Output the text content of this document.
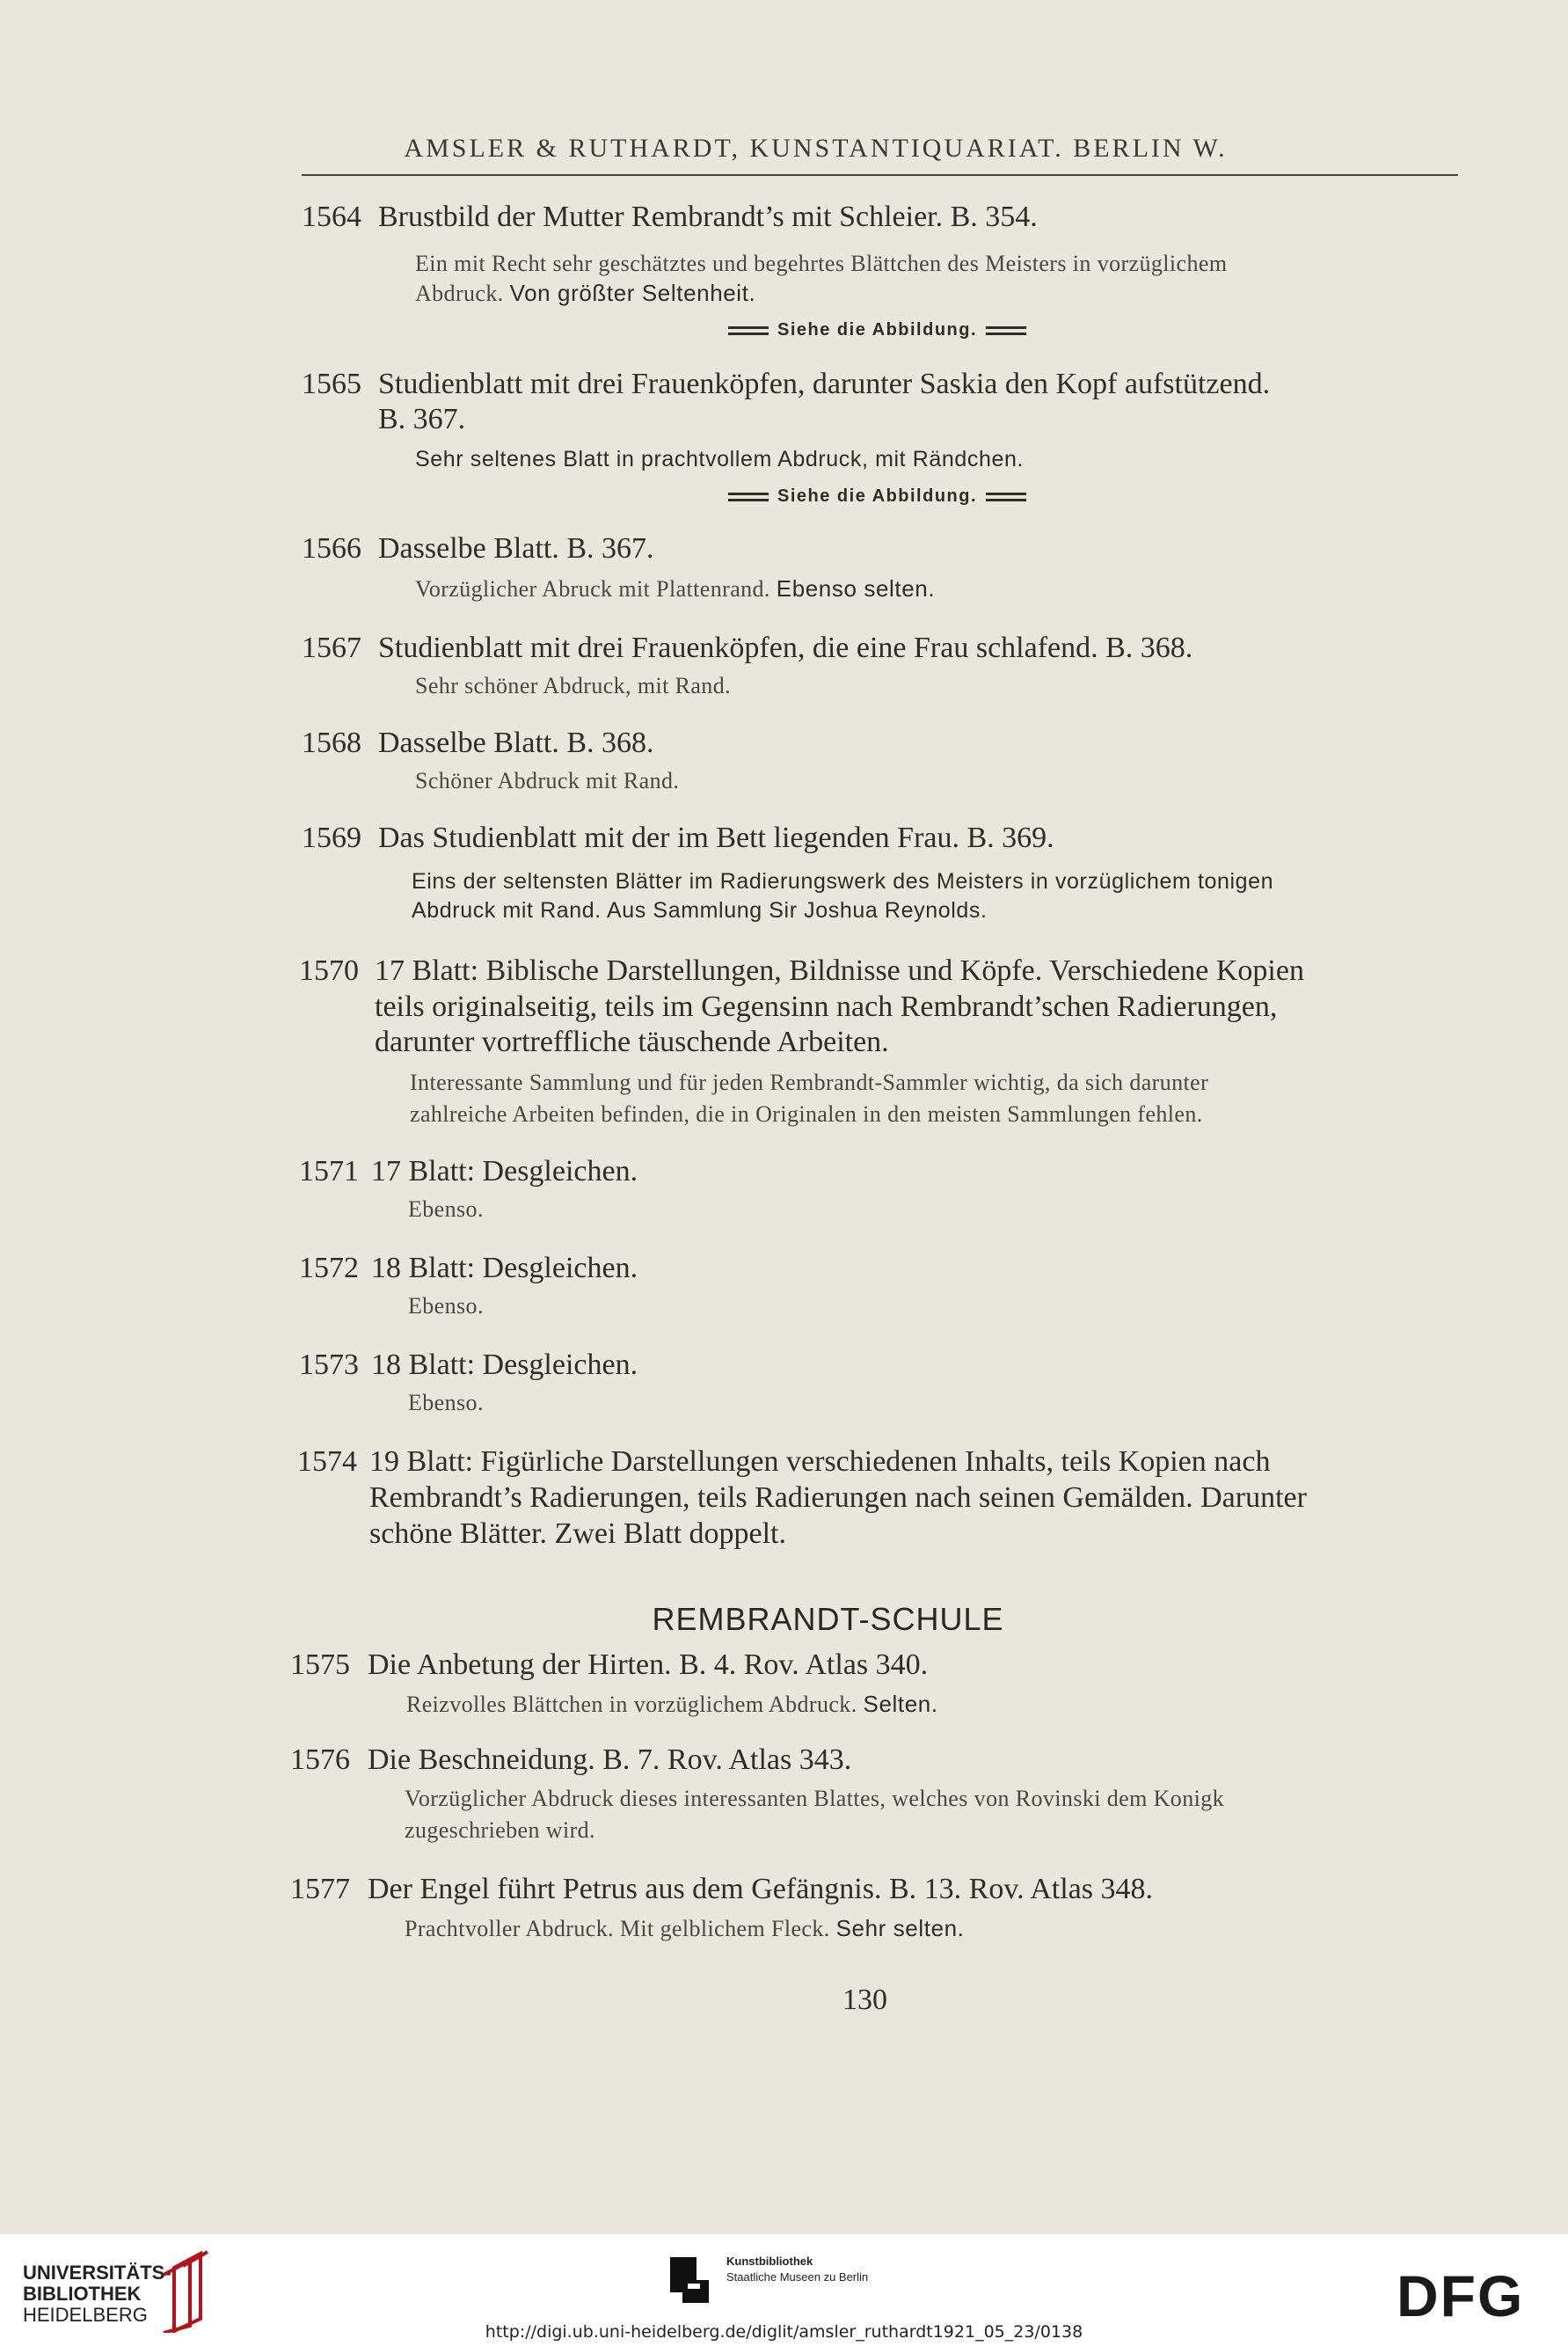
AMSLER & RUTHARDT, KUNSTANTIQUARIAT. BERLIN W.
1564 Brustbild der Mutter Rembrandt’s mit Schleier. B. 354.
Ein mit Recht sehr geschätztes und begehrtes Blättchen des Meisters in vorzüglichem
Abdruck. Von größter Seltenheit.
Siehe die Abbildung.
1565 Studienblatt mit drei Frauenköpfen, darunter Saskia den Kopf aufstützend.
B. 367.
Sehr seltenes Blatt in prachtvollem Abdruck, mit Rändchen.
Siehe die Abbildung.
1566 Dasselbe Blatt. B. 367.
Vorzüglicher Abruck mit Plattenrand. Ebenso selten.
1567 Studienblatt mit drei Frauenköpfen, die eine Frau schlafend. B. 368.
Sehr schöner Abdruck, mit Rand.
1568 Dasselbe Blatt. B. 368.
Schöner Abdruck mit Rand.
1569 Das Studienblatt mit der im Bett liegenden Frau. B. 369.
Eins der seltensten Blätter im Radierungswerk des Meisters in vorzüglichem tonigen
Abdruck mit Rand. Aus Sammlung Sir Joshua Reynolds.
1570 17 Blatt: Biblische Darstellungen, Bildnisse und Köpfe. Verschiedene Kopien
teils originalseitig, teils im Gegensinn nach Rembrandt’schen Radierungen,
darunter vortreffliche täuschende Arbeiten.
Interessante Sammlung und für jeden Rembrandt-Sammler wichtig, da sich darunter
zahlreiche Arbeiten befinden, die in Originalen in den meisten Sammlungen fehlen.
1571 17 Blatt: Desgleichen.
Ebenso.
1572 18 Blatt: Desgleichen.
Ebenso.
1573 18 Blatt: Desgleichen.
Ebenso.
1574 19 Blatt: Figürliche Darstellungen verschiedenen Inhalts, teils Kopien nach
Rembrandt’s Radierungen, teils Radierungen nach seinen Gemälden. Darunter
schöne Blätter. Zwei Blatt doppelt.
REMBRANDT-SCHULE
1575 Die Anbetung der Hirten. B. 4. Rov. Atlas 340.
Reizvolles Blättchen in vorzüglichem Abdruck. Selten.
1576 Die Beschneidung. B. 7. Rov. Atlas 343.
Vorzüglicher Abdruck dieses interessanten Blattes, welches von Rovinski dem Konigk
zugeschrieben wird.
1577 Der Engel führt Petrus aus dem Gefängnis. B. 13. Rov. Atlas 348.
Prachtvoller Abdruck. Mit gelblichem Fleck. Sehr selten.
130
UNIVERSITÄTS-
BIBLIOTHEK
HEIDELBERG
Kunstbibliothek
Staatliche Museen zu Berlin	DFG
http://digi.ub.uni-heidelberg.de/diglit/amsler_ruthardt1921_05_23/0138
